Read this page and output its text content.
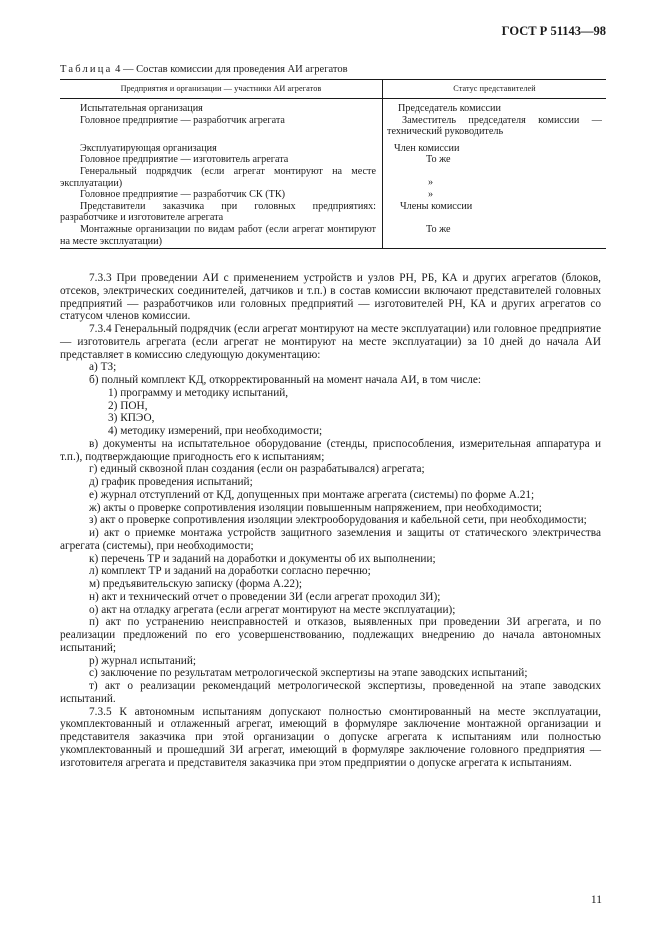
ГОСТ Р 51143—98
Таблица 4 — Состав комиссии для проведения АИ агрегатов
Предприятия и организации — участники АИ агрегатов	Статус представителей
Испытательная организация	Председатель комиссии
Головное предприятие — разработчик агрегата	Заместитель председателя комиссии — технический руководитель

Эксплуатирующая организация	Член комиссии
Головное предприятие — изготовитель агрегата	То же
Генеральный подрядчик (если агрегат монтируют на месте эксплуатации)	»

Головное предприятие — разработчик СК (ТК)	»
Представители заказчика при головных предприятиях: разработчике и изготовителе агрегата	Члены комиссии
Монтажные организации по видам работ (если агрегат монтируют на месте эксплуатации)	То же

7.3.3 При проведении АИ с применением устройств и узлов РН, РБ, КА и других агрегатов (блоков, отсеков, электрических соединителей, датчиков и т.п.) в состав комиссии включают представителей головных предприятий — разработчиков или головных предприятий — изготовителей РН, КА и других агрегатов со статусом членов комиссии.

7.3.4 Генеральный подрядчик (если агрегат монтируют на месте эксплуатации) или головное предприятие — изготовитель агрегата (если агрегат не монтируют на месте эксплуатации) за 10 дней до начала АИ представляет в комиссию следующую документацию:

а) ТЗ;

б) полный комплект КД, откорректированный на момент начала АИ, в том числе:

1) программу и методику испытаний,

2) ПОН,

3) КПЭО,

4) методику измерений, при необходимости;

в) документы на испытательное оборудование (стенды, приспособления, измерительная аппаратура и т.п.), подтверждающие пригодность его к испытаниям;

г) единый сквозной план создания (если он разрабатывался) агрегата;

д) график проведения испытаний;

е) журнал отступлений от КД, допущенных при монтаже агрегата (системы) по форме А.21;

ж) акты о проверке сопротивления изоляции повышенным напряжением, при необходимости;

з) акт о проверке сопротивления изоляции электрооборудования и кабельной сети, при необходимости;

и) акт о приемке монтажа устройств защитного заземления и защиты от статического электричества агрегата (системы), при необходимости;

к) перечень ТР и заданий на доработки и документы об их выполнении;

л) комплект ТР и заданий на доработки согласно перечню;

м) предъявительскую записку (форма А.22);

н) акт и технический отчет о проведении ЗИ (если агрегат проходил ЗИ);

о) акт на отладку агрегата (если агрегат монтируют на месте эксплуатации);

п) акт по устранению неисправностей и отказов, выявленных при проведении ЗИ агрегата, и по реализации предложений по его усовершенствованию, подлежащих внедрению до начала автономных испытаний;

р) журнал испытаний;

с) заключение по результатам метрологической экспертизы на этапе заводских испытаний;

т) акт о реализации рекомендаций метрологической экспертизы, проведенной на этапе заводских испытаний.

7.3.5 К автономным испытаниям допускают полностью смонтированный на месте эксплуатации, укомплектованный и отлаженный агрегат, имеющий в формуляре заключение монтажной организации и представителя заказчика при этой организации о допуске агрегата к испытаниям или полностью укомплектованный и прошедший ЗИ агрегат, имеющий в формуляре заключение головного предприятия — изготовителя агрегата и представителя заказчика при этом предприятии о допуске агрегата к испытаниям.

11
